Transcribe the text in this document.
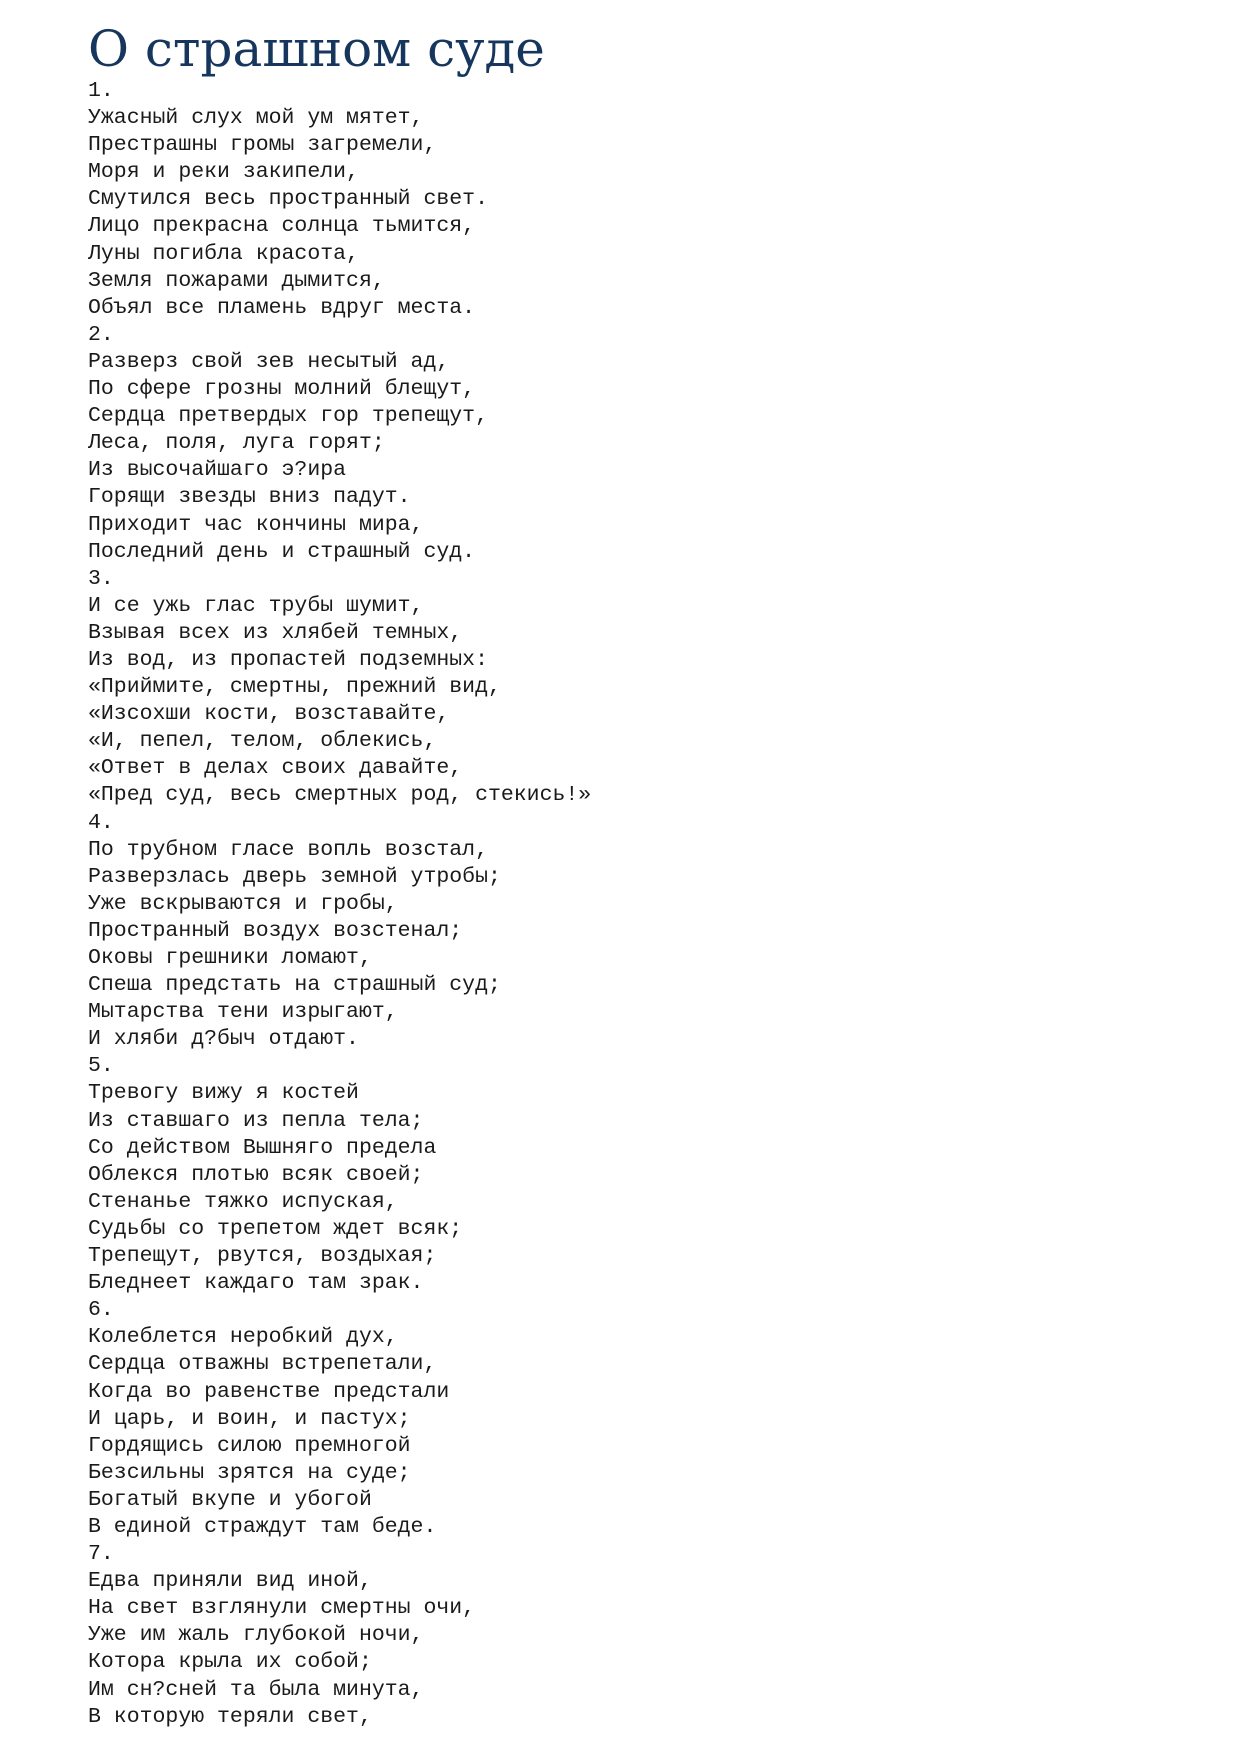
О страшном суде
1.
Ужасный слух мой ум мятет,
Престрашны громы загремели,
Моря и реки закипели,
Смутился весь пространный свет.
Лицо прекрасна солнца тьмится,
Луны погибла красота,
Земля пожарами дымится,
Объял все пламень вдруг места.
2.
Разверз свой зев несытый ад,
По сфере грозны молний блещут,
Сердца претвердых гор трепещут,
Леса, поля, луга горят;
Из высочайшаго э?ира
Горящи звезды вниз падут.
Приходит час кончины мира,
Последний день и страшный суд.
3.
И се ужь глас трубы шумит,
Взывая всех из хлябей темных,
Из вод, из пропастей подземных:
«Приймите, смертны, прежний вид,
«Изсохши кости, возставайте,
«И, пепел, телом, облекись,
«Ответ в делах своих давайте,
«Пред суд, весь смертных род, стекись!»
4.
По трубном гласе вопль возстал,
Разверзлась дверь земной утробы;
Уже вскрываются и гробы,
Пространный воздух возстенал;
Оковы грешники ломают,
Спеша предстать на страшный суд;
Мытарства тени изрыгают,
И хляби д?быч отдают.
5.
Тревогу вижу я костей
Из ставшаго из пепла тела;
Со действом Вышняго предела
Облекся плотью всяк своей;
Стенанье тяжко испуская,
Судьбы со трепетом ждет всяк;
Трепещут, рвутся, воздыхая;
Бледнеет каждаго там зрак.
6.
Колеблется неробкий дух,
Сердца отважны встрепетали,
Когда во равенстве предстали
И царь, и воин, и пастух;
Гордящись силою премногой
Безсильны зрятся на суде;
Богатый вкупе и убогой
В единой страждут там беде.
7.
Едва приняли вид иной,
На свет взглянули смертны очи,
Уже им жаль глубокой ночи,
Котора крыла их собой;
Им сн?сней та была минута,
В которую теряли свет,
